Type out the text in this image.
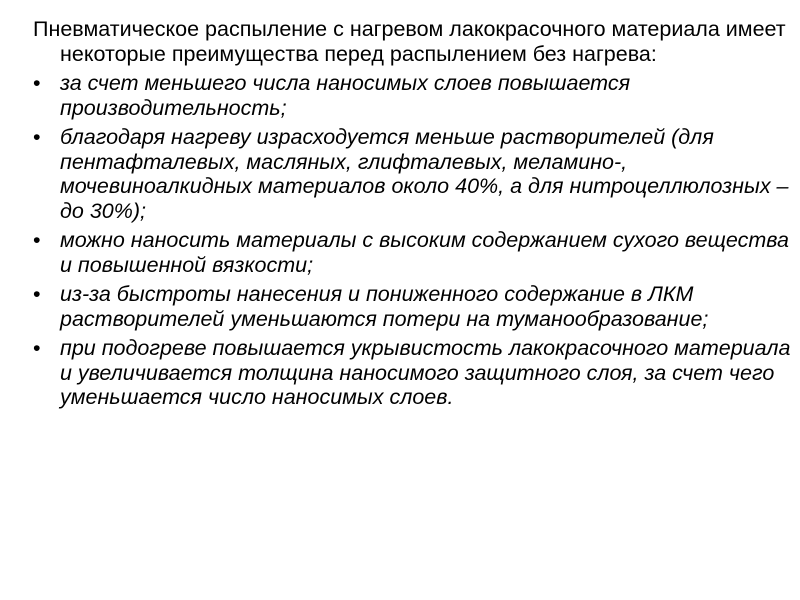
Пневматическое распыление с нагревом лакокрасочного материала имеет некоторые преимущества перед распылением без нагрева:

• за счет меньшего числа наносимых слоев повышается производительность;
• благодаря нагреву израсходуется меньше растворителей (для пентафталевых, масляных, глифталевых, меламино-, мочевиноалкидных материалов около 40%, а для нитроцеллюлозных – до 30%);
• можно наносить материалы с высоким содержанием сухого вещества и повышенной вязкости;
• из-за быстроты нанесения и пониженного содержание в ЛКМ растворителей уменьшаются потери на туманообразование;
• при подогреве повышается укрывистость лакокрасочного материала и увеличивается толщина наносимого защитного слоя, за счет чего уменьшается число наносимых слоев.
